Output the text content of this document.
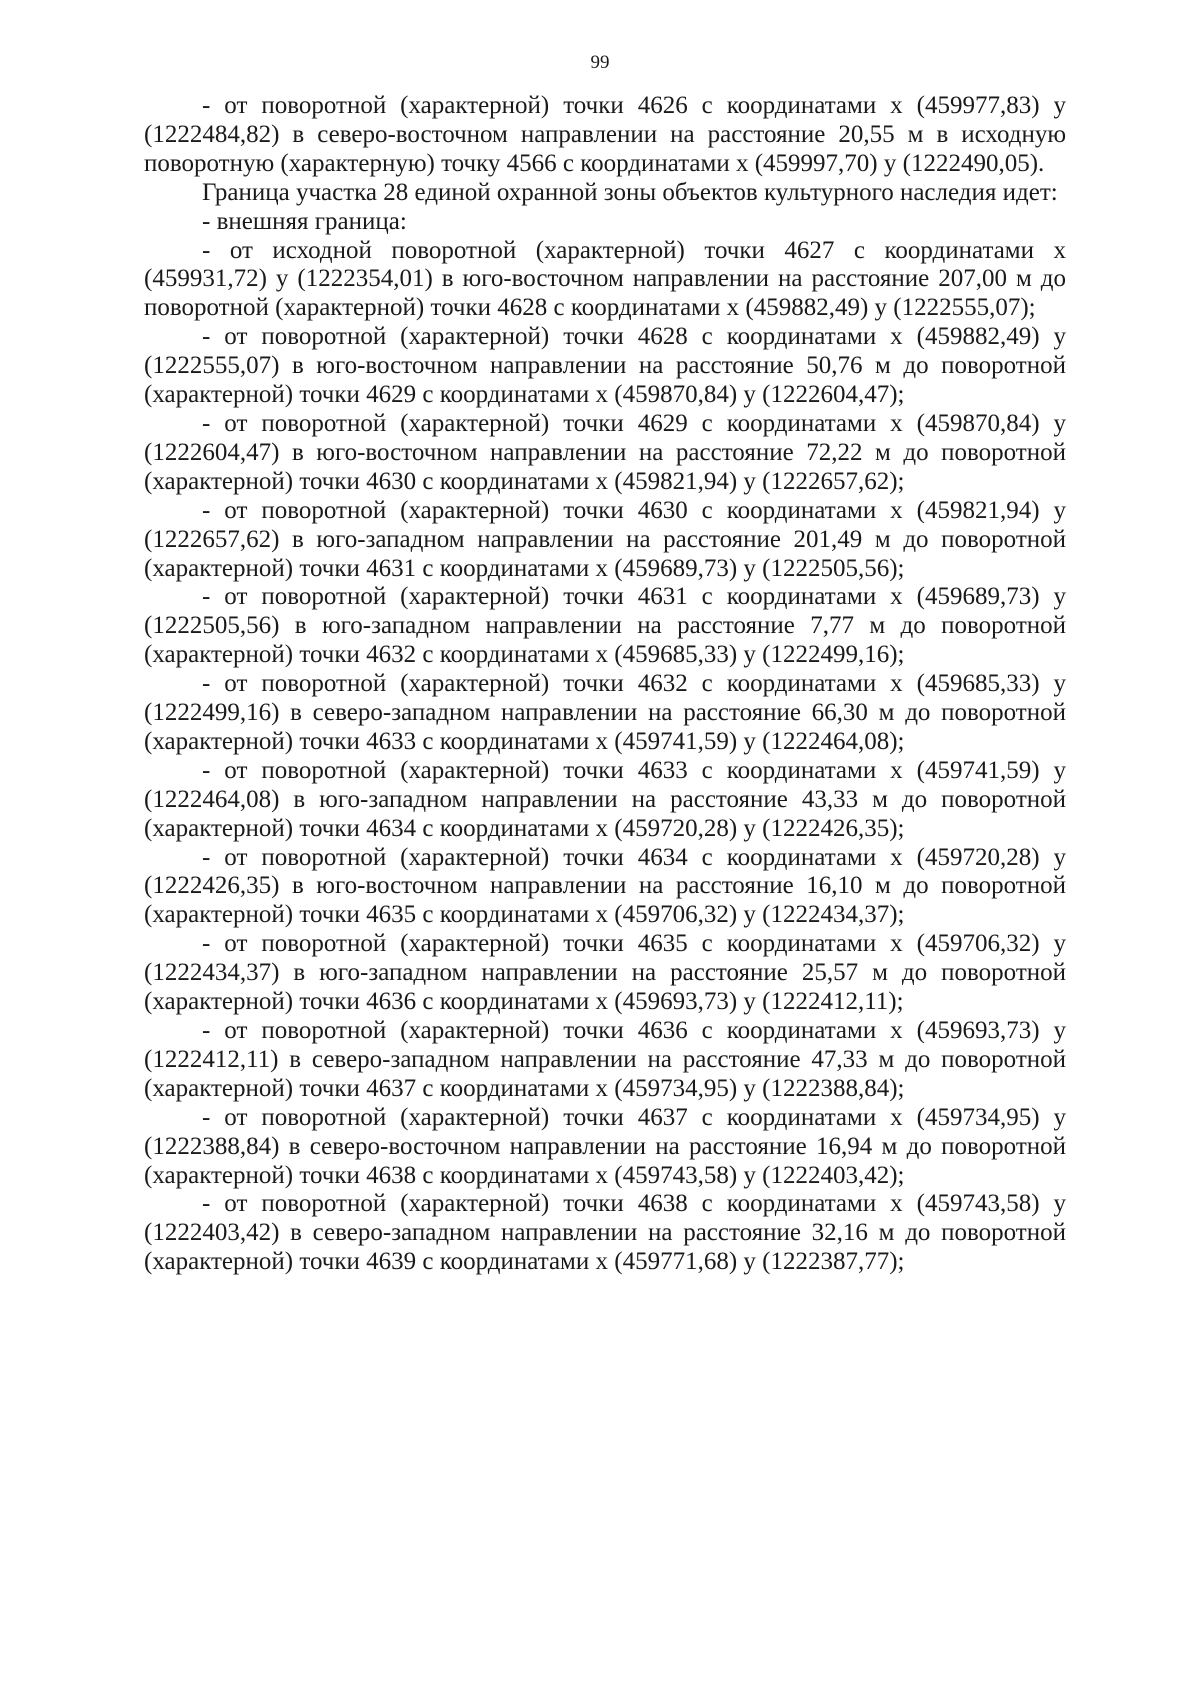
99

- от поворотной (характерной) точки 4626 с координатами х (459977,83) у (1222484,82) в северо-восточном направлении на расстояние 20,55 м в исходную поворотную (характерную) точку 4566 с координатами х (459997,70) у (1222490,05).

Граница участка 28 единой охранной зоны объектов культурного наследия идет:

- внешняя граница:

- от исходной поворотной (характерной) точки 4627 с координатами х (459931,72) у (1222354,01) в юго-восточном направлении на расстояние 207,00 м до поворотной (характерной) точки 4628 с координатами х (459882,49) у (1222555,07);

- от поворотной (характерной) точки 4628 с координатами х (459882,49) у (1222555,07) в юго-восточном направлении на расстояние 50,76 м до поворотной (характерной) точки 4629 с координатами х (459870,84) у (1222604,47);

- от поворотной (характерной) точки 4629 с координатами х (459870,84) у (1222604,47) в юго-восточном направлении на расстояние 72,22 м до поворотной (характерной) точки 4630 с координатами х (459821,94) у (1222657,62);

- от поворотной (характерной) точки 4630 с координатами х (459821,94) у (1222657,62) в юго-западном направлении на расстояние 201,49 м до поворотной (характерной) точки 4631 с координатами х (459689,73) у (1222505,56);

- от поворотной (характерной) точки 4631 с координатами х (459689,73) у (1222505,56) в юго-западном направлении на расстояние 7,77 м до поворотной (характерной) точки 4632 с координатами х (459685,33) у (1222499,16);

- от поворотной (характерной) точки 4632 с координатами х (459685,33) у (1222499,16) в северо-западном направлении на расстояние 66,30 м до поворотной (характерной) точки 4633 с координатами х (459741,59) у (1222464,08);

- от поворотной (характерной) точки 4633 с координатами х (459741,59) у (1222464,08) в юго-западном направлении на расстояние 43,33 м до поворотной (характерной) точки 4634 с координатами х (459720,28) у (1222426,35);

- от поворотной (характерной) точки 4634 с координатами х (459720,28) у (1222426,35) в юго-восточном направлении на расстояние 16,10 м до поворотной (характерной) точки 4635 с координатами х (459706,32) у (1222434,37);

- от поворотной (характерной) точки 4635 с координатами х (459706,32) у (1222434,37) в юго-западном направлении на расстояние 25,57 м до поворотной (характерной) точки 4636 с координатами х (459693,73) у (1222412,11);

- от поворотной (характерной) точки 4636 с координатами х (459693,73) у (1222412,11) в северо-западном направлении на расстояние 47,33 м до поворотной (характерной) точки 4637 с координатами х (459734,95) у (1222388,84);

- от поворотной (характерной) точки 4637 с координатами х (459734,95) у (1222388,84) в северо-восточном направлении на расстояние 16,94 м до поворотной (характерной) точки 4638 с координатами х (459743,58) у (1222403,42);

- от поворотной (характерной) точки 4638 с координатами х (459743,58) у (1222403,42) в северо-западном направлении на расстояние 32,16 м до поворотной (характерной) точки 4639 с координатами х (459771,68) у (1222387,77);
